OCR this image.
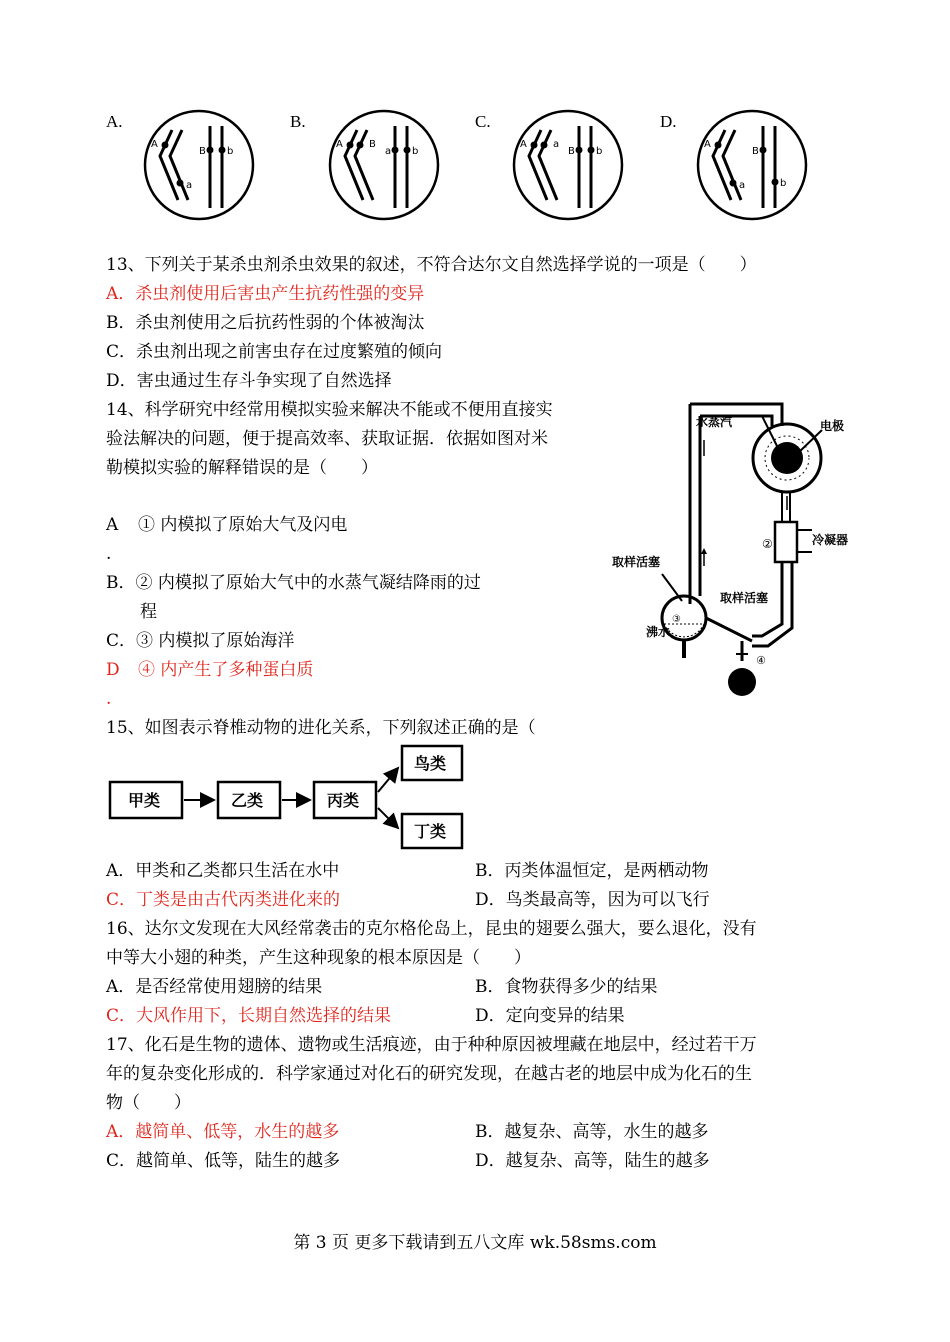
A.
A
a
B b
B.
A	B
a b
C.
A	a
B b
D.
A
a
B
b
13、下列关于某杀虫剂杀虫效果的叙述，不符合达尔文自然选择学说的一项是（　　）
A．杀虫剂使用后害虫产生抗药性强的变异
B．杀虫剂使用之后抗药性弱的个体被淘汰
C．杀虫剂出现之前害虫存在过度繁殖的倾向
D．害虫通过生存斗争实现了自然选择
14、科学研究中经常用模拟实验来解决不能或不便用直接实
验法解决的问题，便于提高效率、获取证据．依据如图对米
勒模拟实验的解释错误的是（　　）
A ① 内模拟了原始大气及闪电
.
B．② 内模拟了原始大气中的水蒸气凝结降雨的过
程
C．③ 内模拟了原始海洋
D ④ 内产生了多种蛋白质
.
①
②
④
水蒸汽	电极
冷凝器
取样活塞
取样活塞
沸水
③
15、如图表示脊椎动物的进化关系，下列叙述正确的是（
甲类	乙类	丙类
鸟类
丁类
A．甲类和乙类都只生活在水中	B．丙类体温恒定，是两栖动物
C．丁类是由古代丙类进化来的	D．鸟类最高等，因为可以飞行
16、达尔文发现在大风经常袭击的克尔格伦岛上，昆虫的翅要么强大，要么退化，没有
中等大小翅的种类，产生这种现象的根本原因是（　　）
A．是否经常使用翅膀的结果	B．食物获得多少的结果
C．大风作用下，长期自然选择的结果	D．定向变异的结果
17、化石是生物的遗体、遗物或生活痕迹，由于种种原因被埋藏在地层中，经过若干万
年的复杂变化形成的．科学家通过对化石的研究发现，在越古老的地层中成为化石的生
物（　　）
A．越简单、低等，水生的越多	B．越复杂、高等，水生的越多
C．越简单、低等，陆生的越多	D．越复杂、高等，陆生的越多
第 3 页 更多下载请到五八文库 wk.58sms.com
